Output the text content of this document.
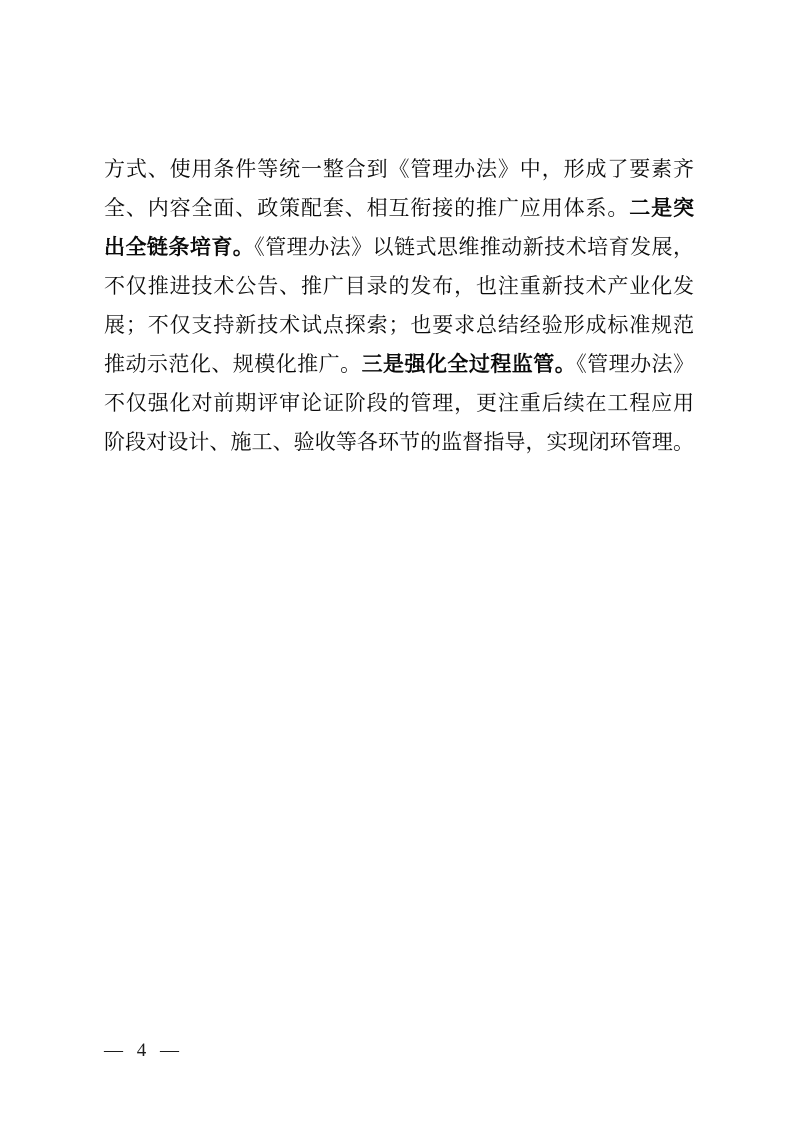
方式、使用条件等统一整合到《管理办法》中，形成了要素齐
全、内容全面、政策配套、相互衔接的推广应用体系。二是突
出全链条培育。《管理办法》以链式思维推动新技术培育发展，
不仅推进技术公告、推广目录的发布，也注重新技术产业化发
展；不仅支持新技术试点探索；也要求总结经验形成标准规范
推动示范化、规模化推广。三是强化全过程监管。《管理办法》
不仅强化对前期评审论证阶段的管理，更注重后续在工程应用
阶段对设计、施工、验收等各环节的监督指导，实现闭环管理。
— 4 —
